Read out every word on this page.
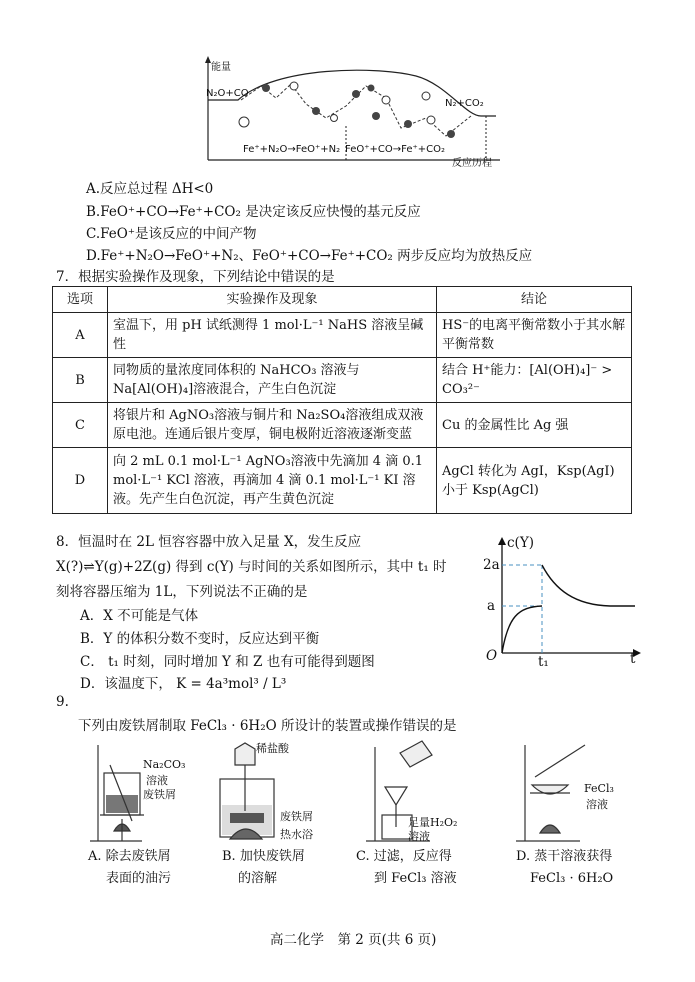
能量
N₂O+CO
N₂+CO₂
Fe⁺+N₂O→FeO⁺+N₂ FeO⁺+CO→Fe⁺+CO₂
反应历程
A.反应总过程 ΔH<0
B.FeO⁺+CO→Fe⁺+CO₂ 是决定该反应快慢的基元反应
C.FeO⁺是该反应的中间产物
D.Fe⁺+N₂O→FeO⁺+N₂、FeO⁺+CO→Fe⁺+CO₂ 两步反应均为放热反应
7．根据实验操作及现象，下列结论中错误的是
选项	实验操作及现象	结论
A	室温下，用 pH 试纸测得 1 mol·L⁻¹ NaHS 溶液呈碱性	HS⁻的电离平衡常数小于其水解平衡常数
B	同物质的量浓度同体积的 NaHCO₃ 溶液与 Na[Al(OH)₄]溶液混合，产生白色沉淀	结合 H⁺能力：[Al(OH)₄]⁻ > CO₃²⁻
C	将银片和 AgNO₃溶液与铜片和 Na₂SO₄溶液组成双液原电池。连通后银片变厚，铜电极附近溶液逐渐变蓝	Cu 的金属性比 Ag 强
D	向 2 mL 0.1 mol·L⁻¹ AgNO₃溶液中先滴加 4 滴 0.1 mol·L⁻¹ KCl 溶液，再滴加 4 滴 0.1 mol·L⁻¹ KI 溶液。先产生白色沉淀，再产生黄色沉淀	AgCl 转化为 AgI，Ksp(AgI)小于 Ksp(AgCl)
8．恒温时在 2L 恒容容器中放入足量 X，发生反应
X(?)⇌Y(g)+2Z(g) 得到 c(Y) 与时间的关系如图所示，其中 t₁ 时
刻将容器压缩为 1L，下列说法不正确的是
A．X 不可能是气体
B．Y 的体积分数不变时，反应达到平衡
C． t₁ 时刻，同时增加 Y 和 Z 也有可能得到题图
D．该温度下， K = 4a³mol³ / L³
c(Y)
2a
a
O	t₁	t
9.
下列由废铁屑制取 FeCl₃ · 6H₂O 所设计的装置或操作错误的是
Na₂CO₃
溶液
废铁屑
稀盐酸
废铁屑
热水浴
足量H₂O₂
溶液
FeCl₃
溶液
A. 除去废铁屑
表面的油污
B. 加快废铁屑
的溶解
C. 过滤，反应得
到 FeCl₃ 溶液
D. 蒸干溶液获得
FeCl₃ · 6H₂O
高二化学　第 2 页(共 6 页)
